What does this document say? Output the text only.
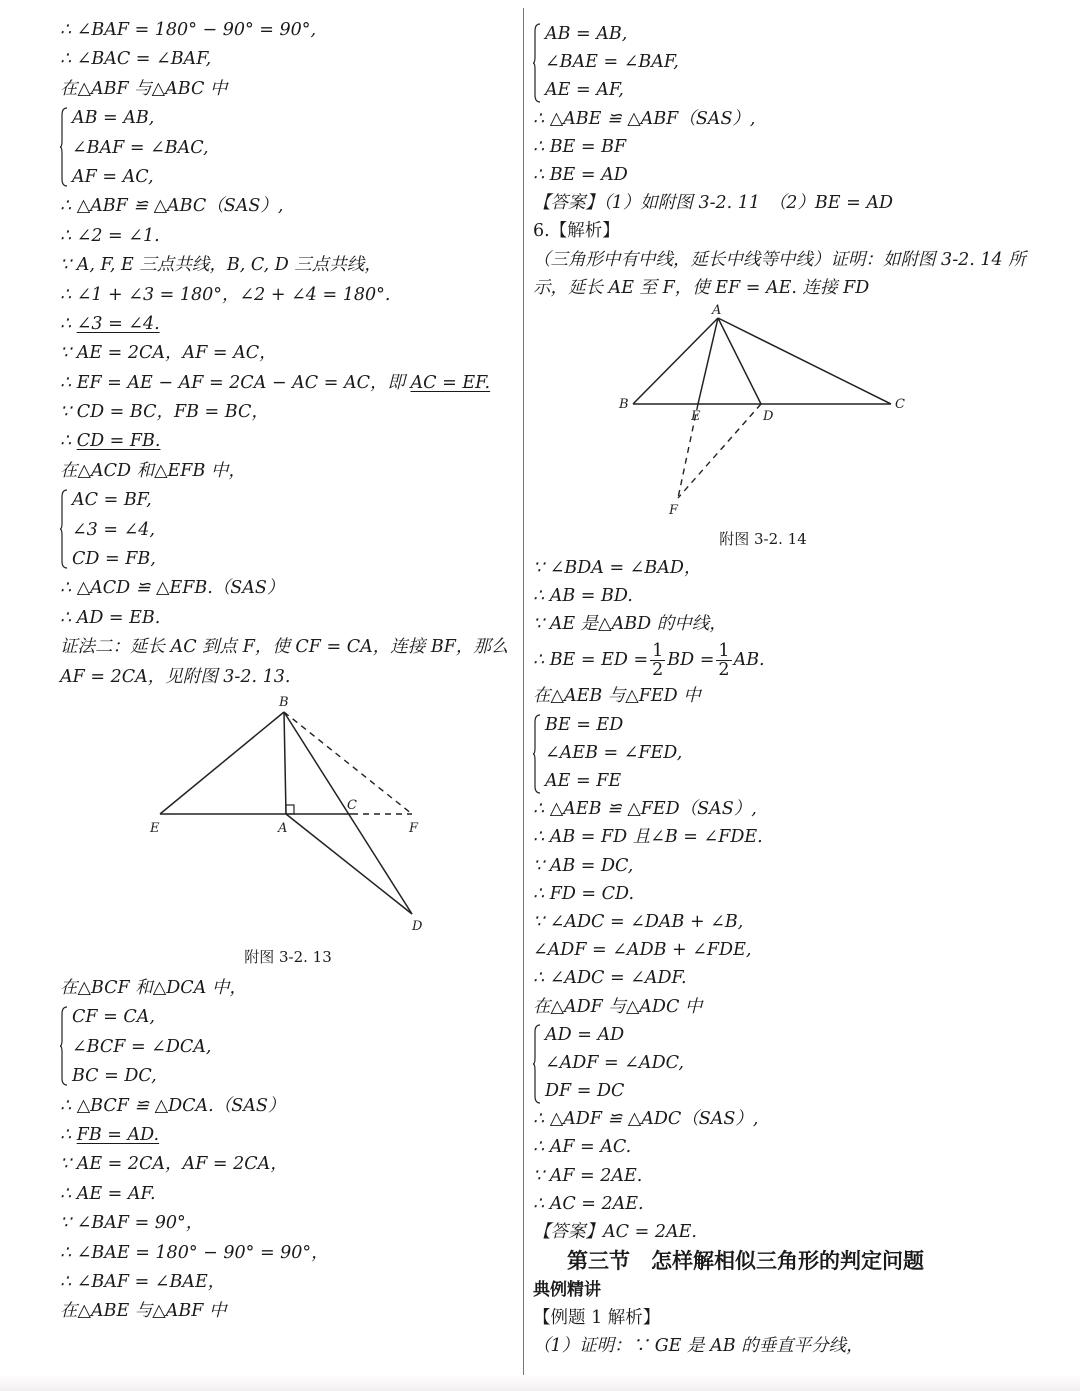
∴ ∠BAF = 180° − 90° = 90°,
∴ ∠BAC = ∠BAF,
在△ABF 与△ABC 中
AB = AB,
∠BAF = ∠BAC,
AF = AC,
∴ △ABF ≌ △ABC（SAS）,
∴ ∠2 = ∠1.
∵ A, F, E 三点共线，B, C, D 三点共线，
∴ ∠1 + ∠3 = 180°，∠2 + ∠4 = 180°.
∴ ∠3 = ∠4.
∵ AE = 2CA，AF = AC，
∴ EF = AE − AF = 2CA − AC = AC，即 AC = EF.
∵ CD = BC，FB = BC，
∴ CD = FB.
在△ACD 和△EFB 中，
AC = BF,
∠3 = ∠4,
CD = FB,
∴ △ACD ≌ △EFB.（SAS）
∴ AD = EB.
证法二：延长 AC 到点 F，使 CF = CA，连接 BF，那么 AF = 2CA，见附图 3-2. 13.
B
E	A
C
F
D
附图 3-2. 13
在△BCF 和△DCA 中，
CF = CA,
∠BCF = ∠DCA,
BC = DC,
∴ △BCF ≌ △DCA.（SAS）
∴ FB = AD.
∵ AE = 2CA，AF = 2CA，
∴ AE = AF.
∵ ∠BAF = 90°，
∴ ∠BAE = 180° − 90° = 90°，
∴ ∠BAF = ∠BAE，
在△ABE 与△ABF 中
AB = AB,
∠BAE = ∠BAF,
AE = AF,
∴ △ABE ≌ △ABF（SAS）,
∴ BE = BF
∴ BE = AD
【答案】（1）如附图 3-2. 11　（2）BE = AD
6.【解析】
（三角形中有中线，延长中线等中线）证明：如附图 3-2. 14 所示，延长 AE 至 F，使 EF = AE. 连接 FD
A
B
E	D
C
F
附图 3-2. 14
∵ ∠BDA = ∠BAD，
∴ AB = BD.
∵ AE 是△ABD 的中线，
∴ BE = ED = $\frac{1}{2}$ BD = $\frac{1}{2}$ AB.
在△AEB 与△FED 中
BE = ED
∠AEB = ∠FED,
AE = FE
∴ △AEB ≌ △FED（SAS）,
∴ AB = FD 且∠B = ∠FDE.
∵ AB = DC,
∴ FD = CD.
∵ ∠ADC = ∠DAB + ∠B,
∠ADF = ∠ADB + ∠FDE,
∴ ∠ADC = ∠ADF.
在△ADF 与△ADC 中
AD = AD
∠ADF = ∠ADC,
DF = DC
∴ △ADF ≌ △ADC（SAS）,
∴ AF = AC.
∵ AF = 2AE.
∴ AC = 2AE.
【答案】AC = 2AE.
第三节　怎样解相似三角形的判定问题
典例精讲
【例题 1 解析】
（1）证明：∵ GE 是 AB 的垂直平分线，
